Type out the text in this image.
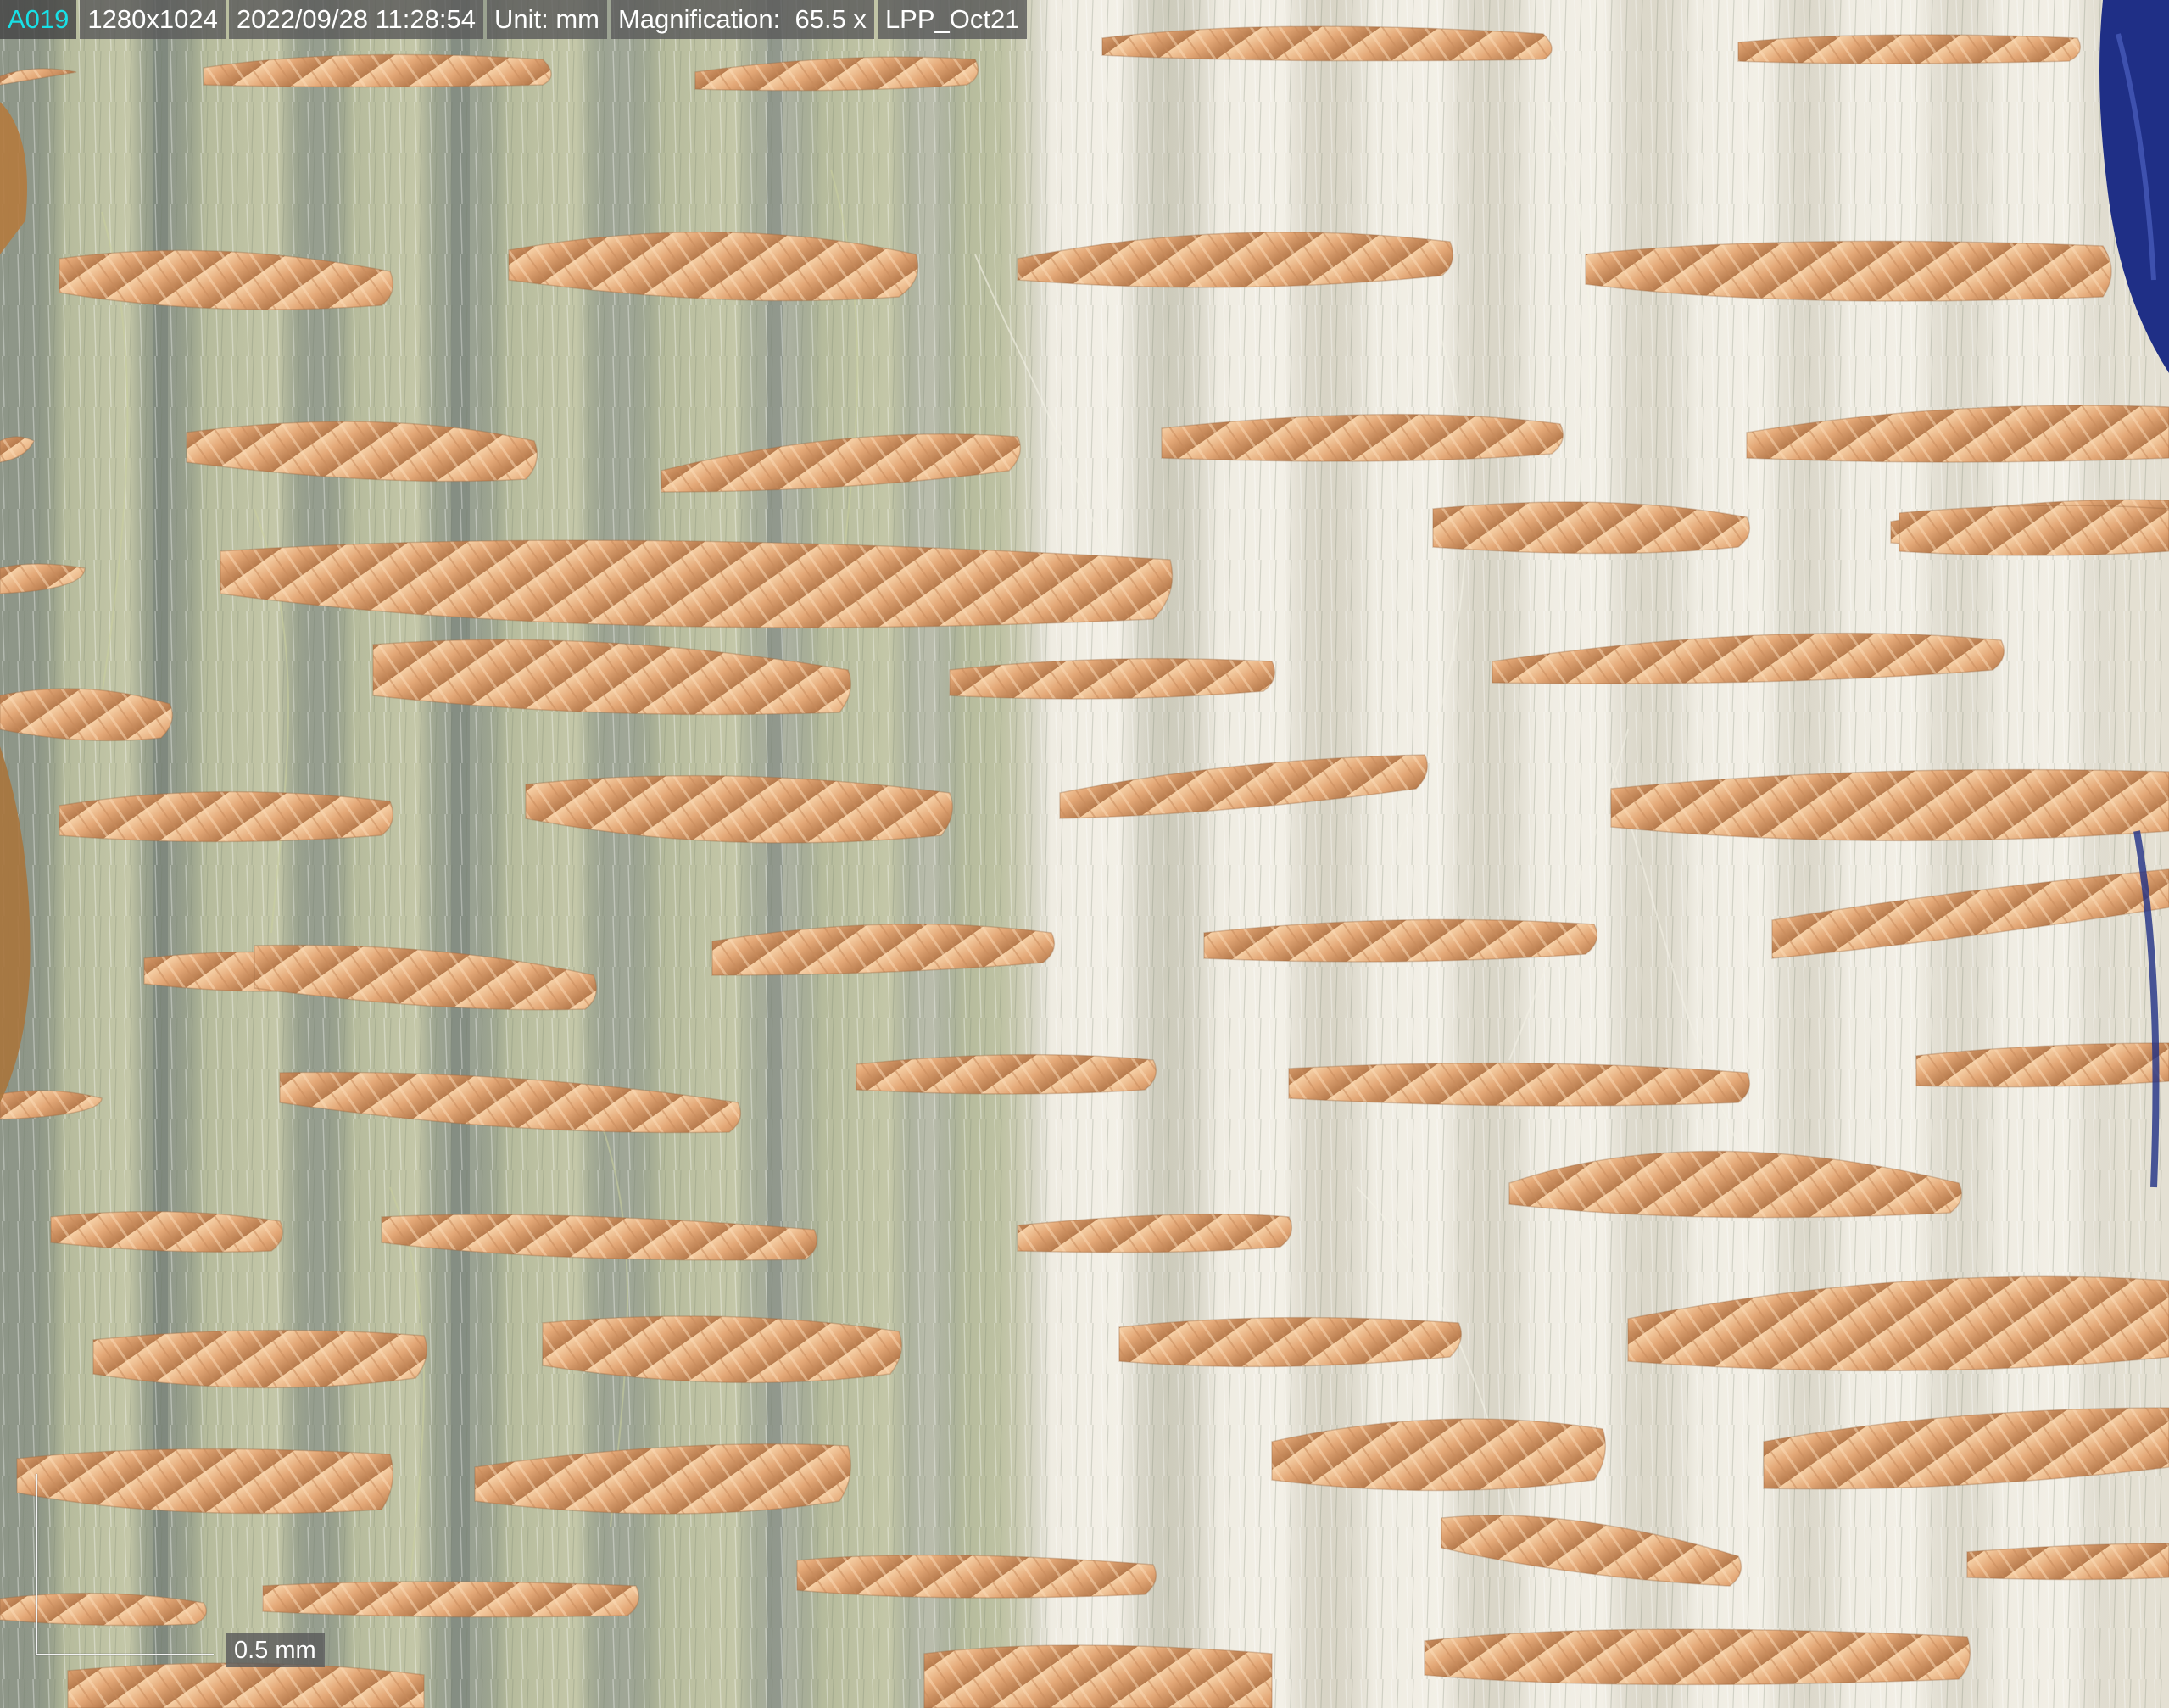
A019 1280x1024 2022/09/28 11:28:54 Unit: mm Magnification:  65.5 x LPP_Oct21
0.5 mm
